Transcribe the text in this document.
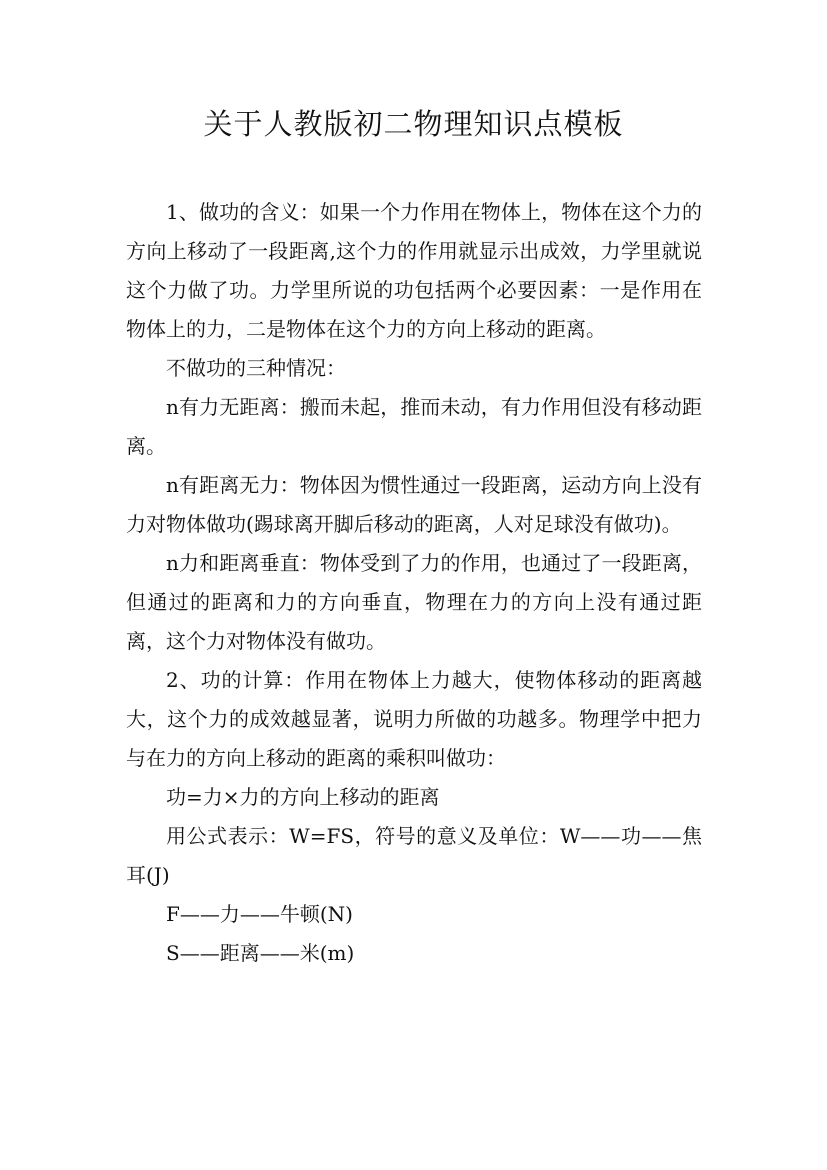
关于人教版初二物理知识点模板

1、做功的含义：如果一个力作用在物体上，物体在这个力的方向上移动了一段距离,这个力的作用就显示出成效，力学里就说这个力做了功。力学里所说的功包括两个必要因素：一是作用在物体上的力，二是物体在这个力的方向上移动的距离。

不做功的三种情况：

n有力无距离：搬而未起，推而未动，有力作用但没有移动距离。

n有距离无力：物体因为惯性通过一段距离，运动方向上没有力对物体做功(踢球离开脚后移动的距离，人对足球没有做功)。

n力和距离垂直：物体受到了力的作用，也通过了一段距离，但通过的距离和力的方向垂直，物理在力的方向上没有通过距离，这个力对物体没有做功。

2、功的计算：作用在物体上力越大，使物体移动的距离越大，这个力的成效越显著，说明力所做的功越多。物理学中把力与在力的方向上移动的距离的乘积叫做功：

功=力×力的方向上移动的距离

用公式表示：W=FS，符号的意义及单位：W——功——焦耳(J)

F——力——牛顿(N)

S——距离——米(m)
